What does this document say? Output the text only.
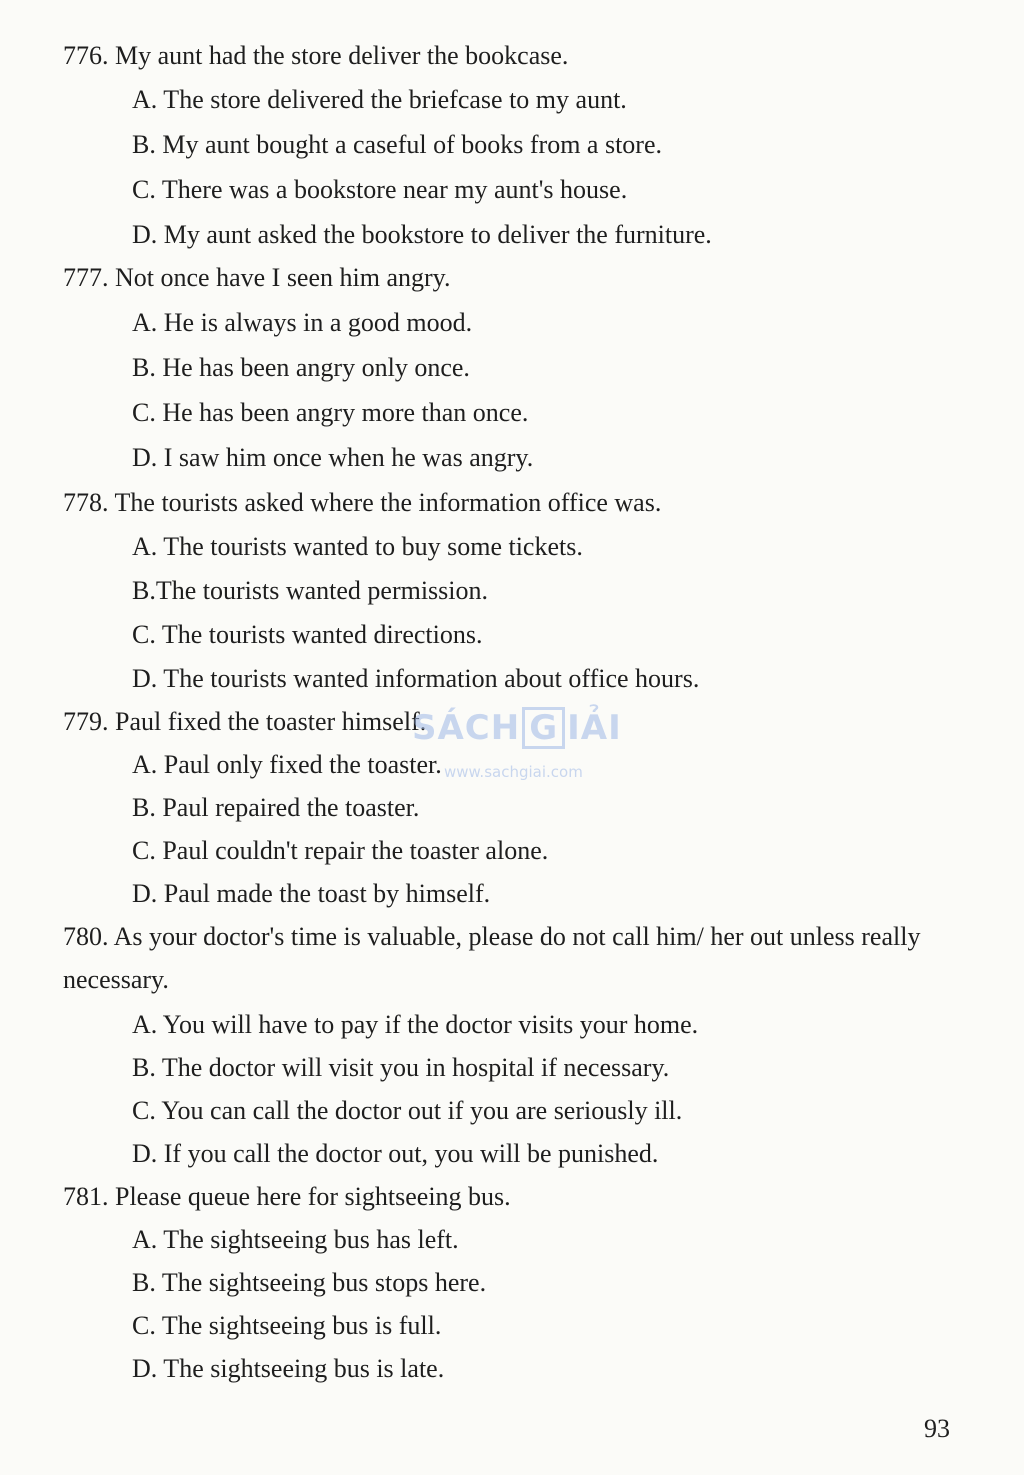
776. My aunt had the store deliver the bookcase.
A. The store delivered the briefcase to my aunt.
B. My aunt bought a caseful of books from a store.
C. There was a bookstore near my aunt's house.
D. My aunt asked the bookstore to deliver the furniture.
777. Not once have I seen him angry.
A. He is always in a good mood.
B. He has been angry only once.
C. He has been angry more than once.
D. I saw him once when he was angry.
778. The tourists asked where the information office was.
A. The tourists wanted to buy some tickets.
B.The tourists wanted permission.
C. The tourists wanted directions.
D. The tourists wanted information about office hours.
779. Paul fixed the toaster himself.
A. Paul only fixed the toaster.
B. Paul repaired the toaster.
C. Paul couldn't repair the toaster alone.
D. Paul made the toast by himself.
780. As your doctor's time is valuable, please do not call him/ her out unless really necessary.
A. You will have to pay if the doctor visits your home.
B. The doctor will visit you in hospital if necessary.
C. You can call the doctor out if you are seriously ill.
D. If you call the doctor out, you will be punished.
781. Please queue here for sightseeing bus.
A. The sightseeing bus has left.
B. The sightseeing bus stops here.
C. The sightseeing bus is full.
D. The sightseeing bus is late.
SÁCH G IẢI
www.sachgiai.com
93
